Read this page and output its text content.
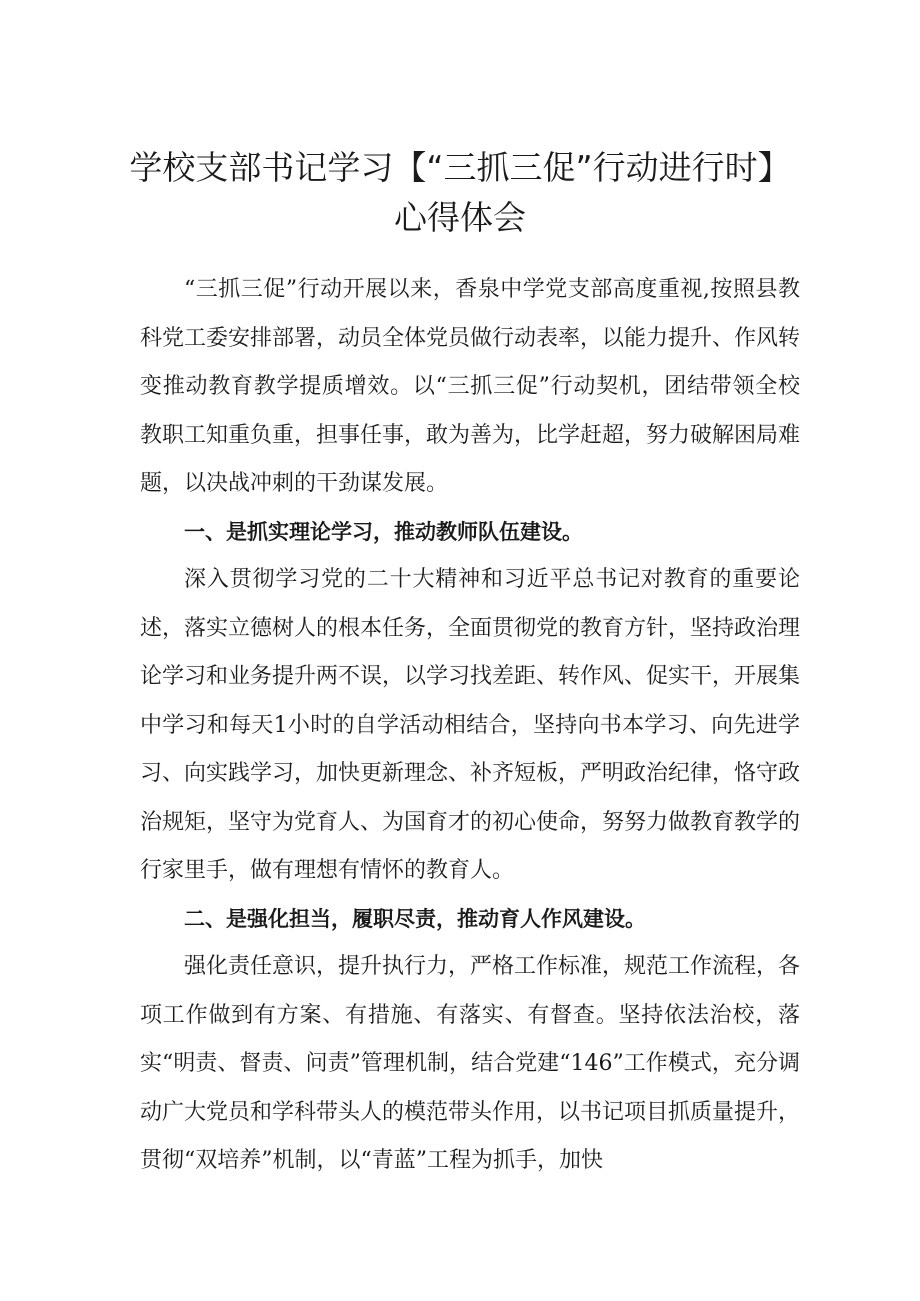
学校支部书记学习【“三抓三促”行动进行时】
心得体会

“三抓三促”行动开展以来，香泉中学党支部高度重视,按照县教科党工委安排部署，动员全体党员做行动表率，以能力提升、作风转变推动教育教学提质增效。以“三抓三促”行动契机，团结带领全校教职工知重负重，担事任事，敢为善为，比学赶超，努力破解困局难题，以决战冲刺的干劲谋发展。

一、是抓实理论学习，推动教师队伍建设。

深入贯彻学习党的二十大精神和习近平总书记对教育的重要论述，落实立德树人的根本任务，全面贯彻党的教育方针，坚持政治理论学习和业务提升两不误，以学习找差距、转作风、促实干，开展集中学习和每天1小时的自学活动相结合，坚持向书本学习、向先进学习、向实践学习，加快更新理念、补齐短板，严明政治纪律，恪守政治规矩，坚守为党育人、为国育才的初心使命，努努力做教育教学的行家里手，做有理想有情怀的教育人。

二、是强化担当，履职尽责，推动育人作风建设。

强化责任意识，提升执行力，严格工作标准，规范工作流程，各项工作做到有方案、有措施、有落实、有督查。坚持依法治校，落实“明责、督责、问责”管理机制，结合党建“146”工作模式，充分调动广大党员和学科带头人的模范带头作用，以书记项目抓质量提升，贯彻“双培养”机制，以“青蓝”工程为抓手，加快
